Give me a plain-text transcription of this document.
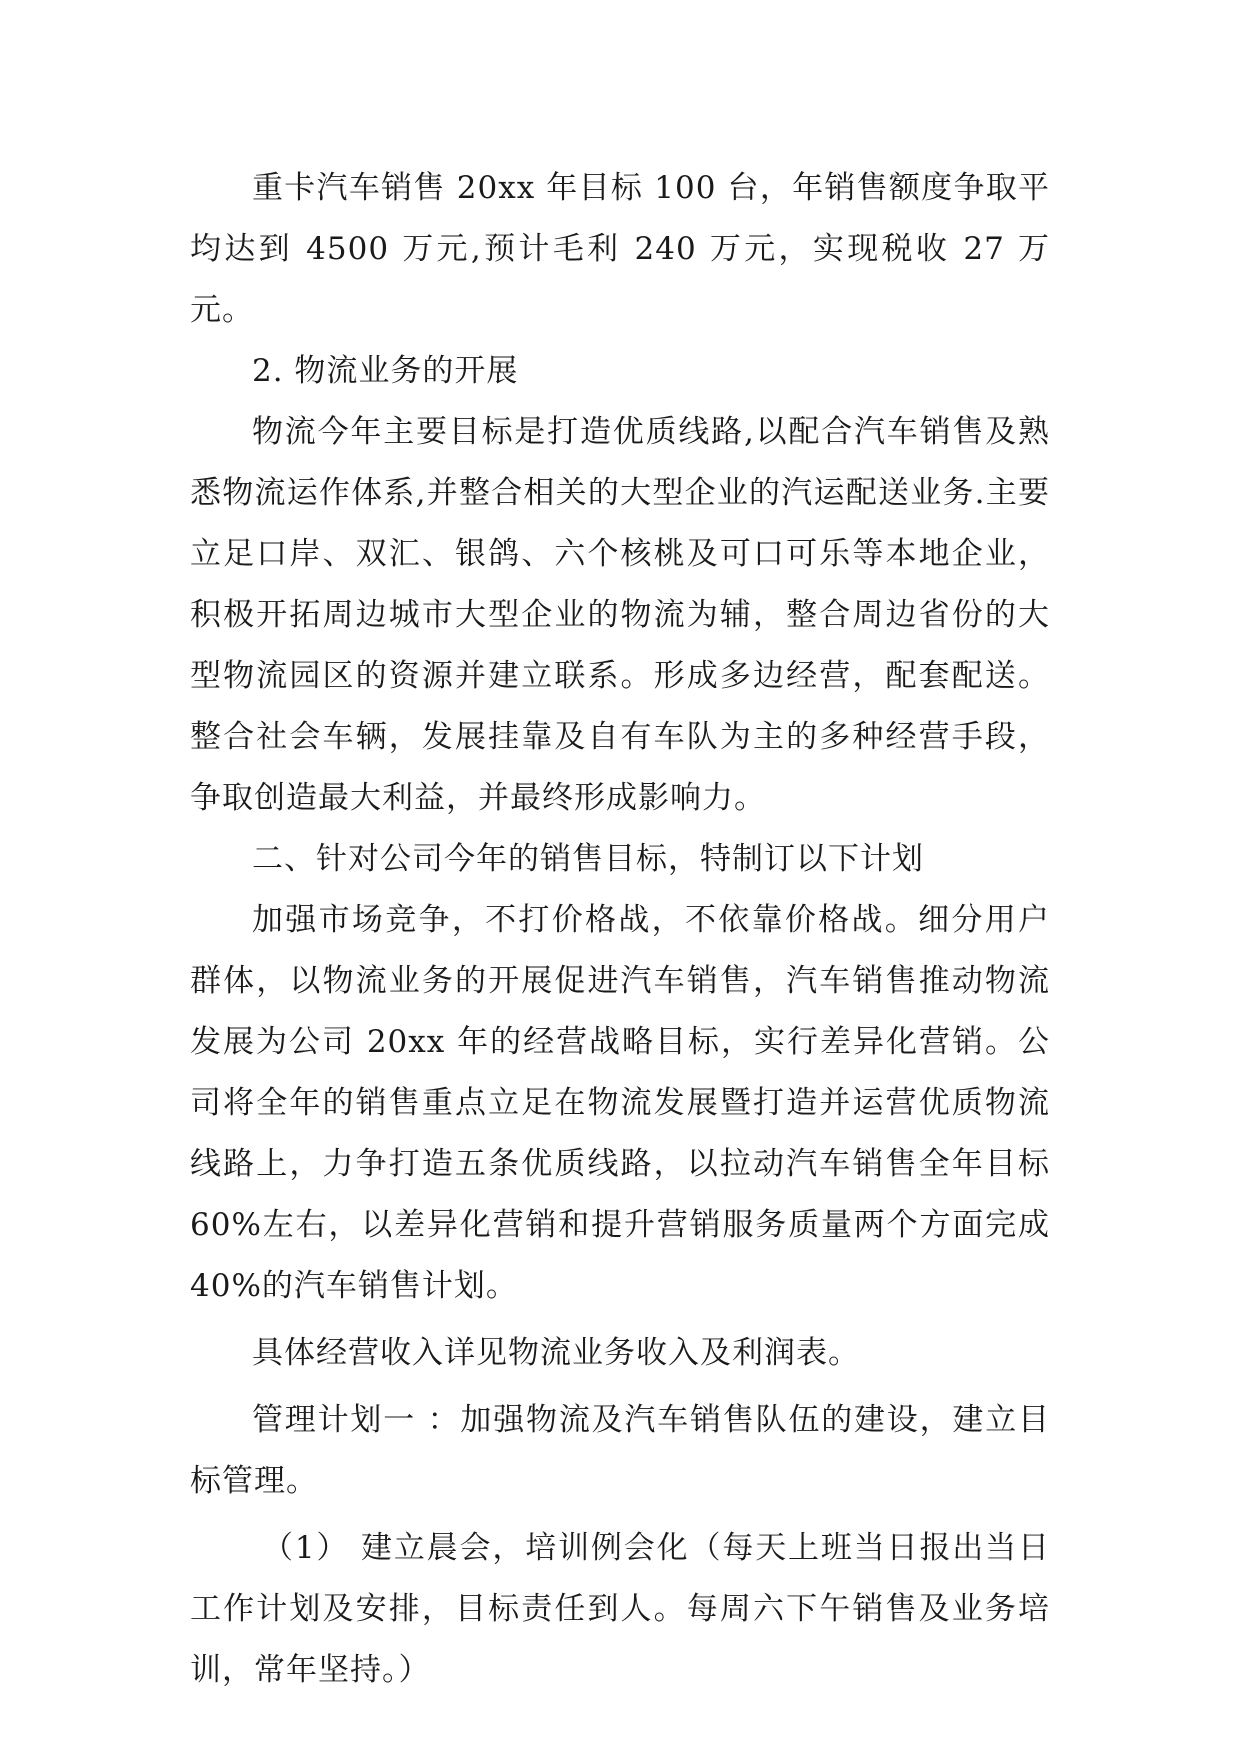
重卡汽车销售 20xx 年目标 100 台，年销售额度争取平均达到 4500 万元,预计毛利 240 万元，实现税收 27 万元。

2. 物流业务的开展

物流今年主要目标是打造优质线路,以配合汽车销售及熟悉物流运作体系,并整合相关的大型企业的汽运配送业务.主要立足口岸、双汇、银鸽、六个核桃及可口可乐等本地企业，积极开拓周边城市大型企业的物流为辅，整合周边省份的大型物流园区的资源并建立联系。形成多边经营，配套配送。整合社会车辆，发展挂靠及自有车队为主的多种经营手段，争取创造最大利益，并最终形成影响力。

二、针对公司今年的销售目标，特制订以下计划

加强市场竞争，不打价格战，不依靠价格战。细分用户群体，以物流业务的开展促进汽车销售，汽车销售推动物流发展为公司 20xx 年的经营战略目标，实行差异化营销。公司将全年的销售重点立足在物流发展暨打造并运营优质物流线路上，力争打造五条优质线路，以拉动汽车销售全年目标 60%左右，以差异化营销和提升营销服务质量两个方面完成 40%的汽车销售计划。

具体经营收入详见物流业务收入及利润表。

管理计划一 ：加强物流及汽车销售队伍的建设，建立目标管理。

（1） 建立晨会，培训例会化（每天上班当日报出当日工作计划及安排，目标责任到人。每周六下午销售及业务培训，常年坚持。）
